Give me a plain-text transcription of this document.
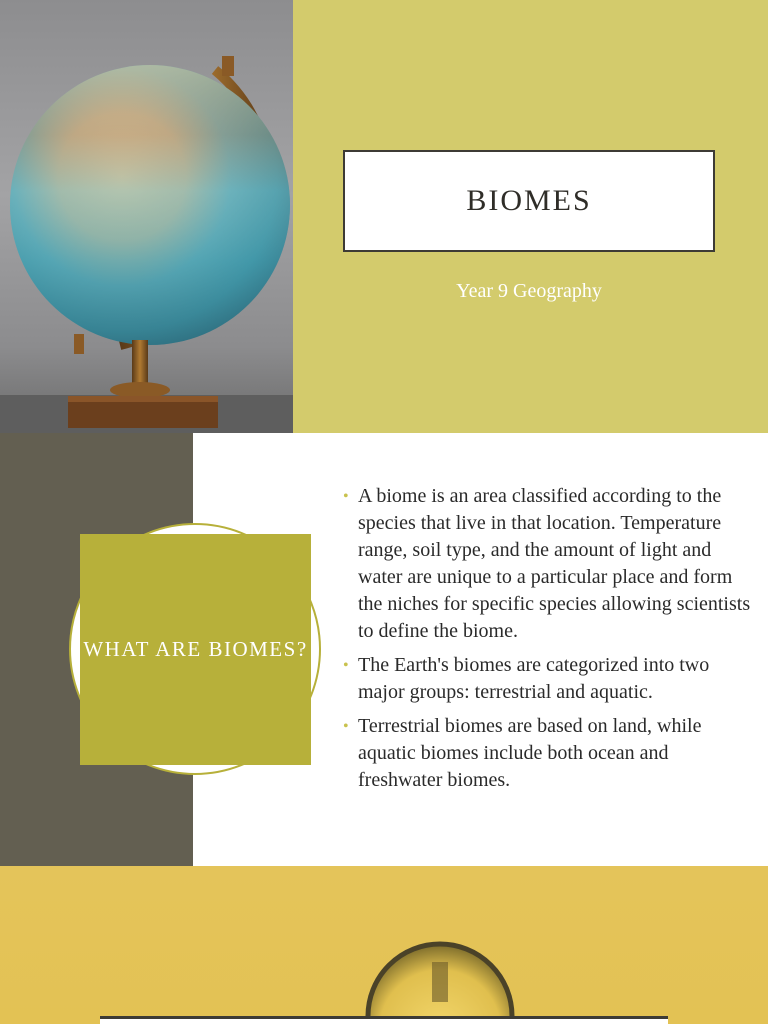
BIOMES
Year 9 Geography
WHAT ARE BIOMES?
• A biome is an area classified according to the species that live in that location. Temperature range, soil type, and the amount of light and water are unique to a particular place and form the niches for specific species allowing scientists to define the biome.
• The Earth's biomes are categorized into two major groups: terrestrial and aquatic.
• Terrestrial biomes are based on land, while aquatic biomes include both ocean and freshwater biomes.
